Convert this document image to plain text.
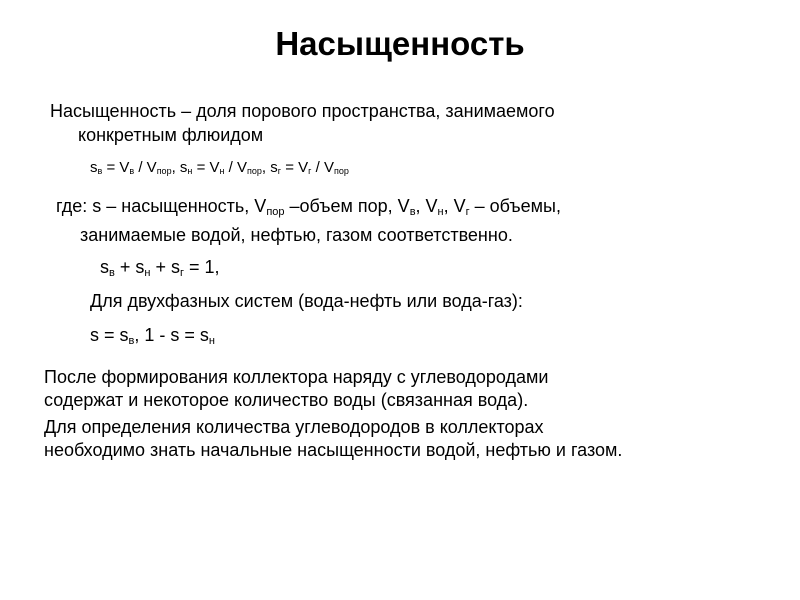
Насыщенность
Насыщенность – доля порового пространства, занимаемого
конкретным флюидом
$s_в = V_в / V_{пор}$, $s_н = V_н / V_{пор}$, $s_г = V_г / V_{пор}$
где: s – насыщенность, $V_{пор}$ –объем пор, $V_в$, $V_н$, $V_г$ – объемы,
занимаемые водой, нефтью, газом соответственно.
$s_в + s_н + s_г = 1$,
Для двухфазных систем (вода-нефть или вода-газ):
$s = s_в$, $1 - s = s_н$
После формирования коллектора наряду с углеводородами
содержат и некоторое количество воды (связанная вода).
Для определения количества углеводородов в коллекторах
необходимо знать начальные насыщенности водой, нефтью и газом.
